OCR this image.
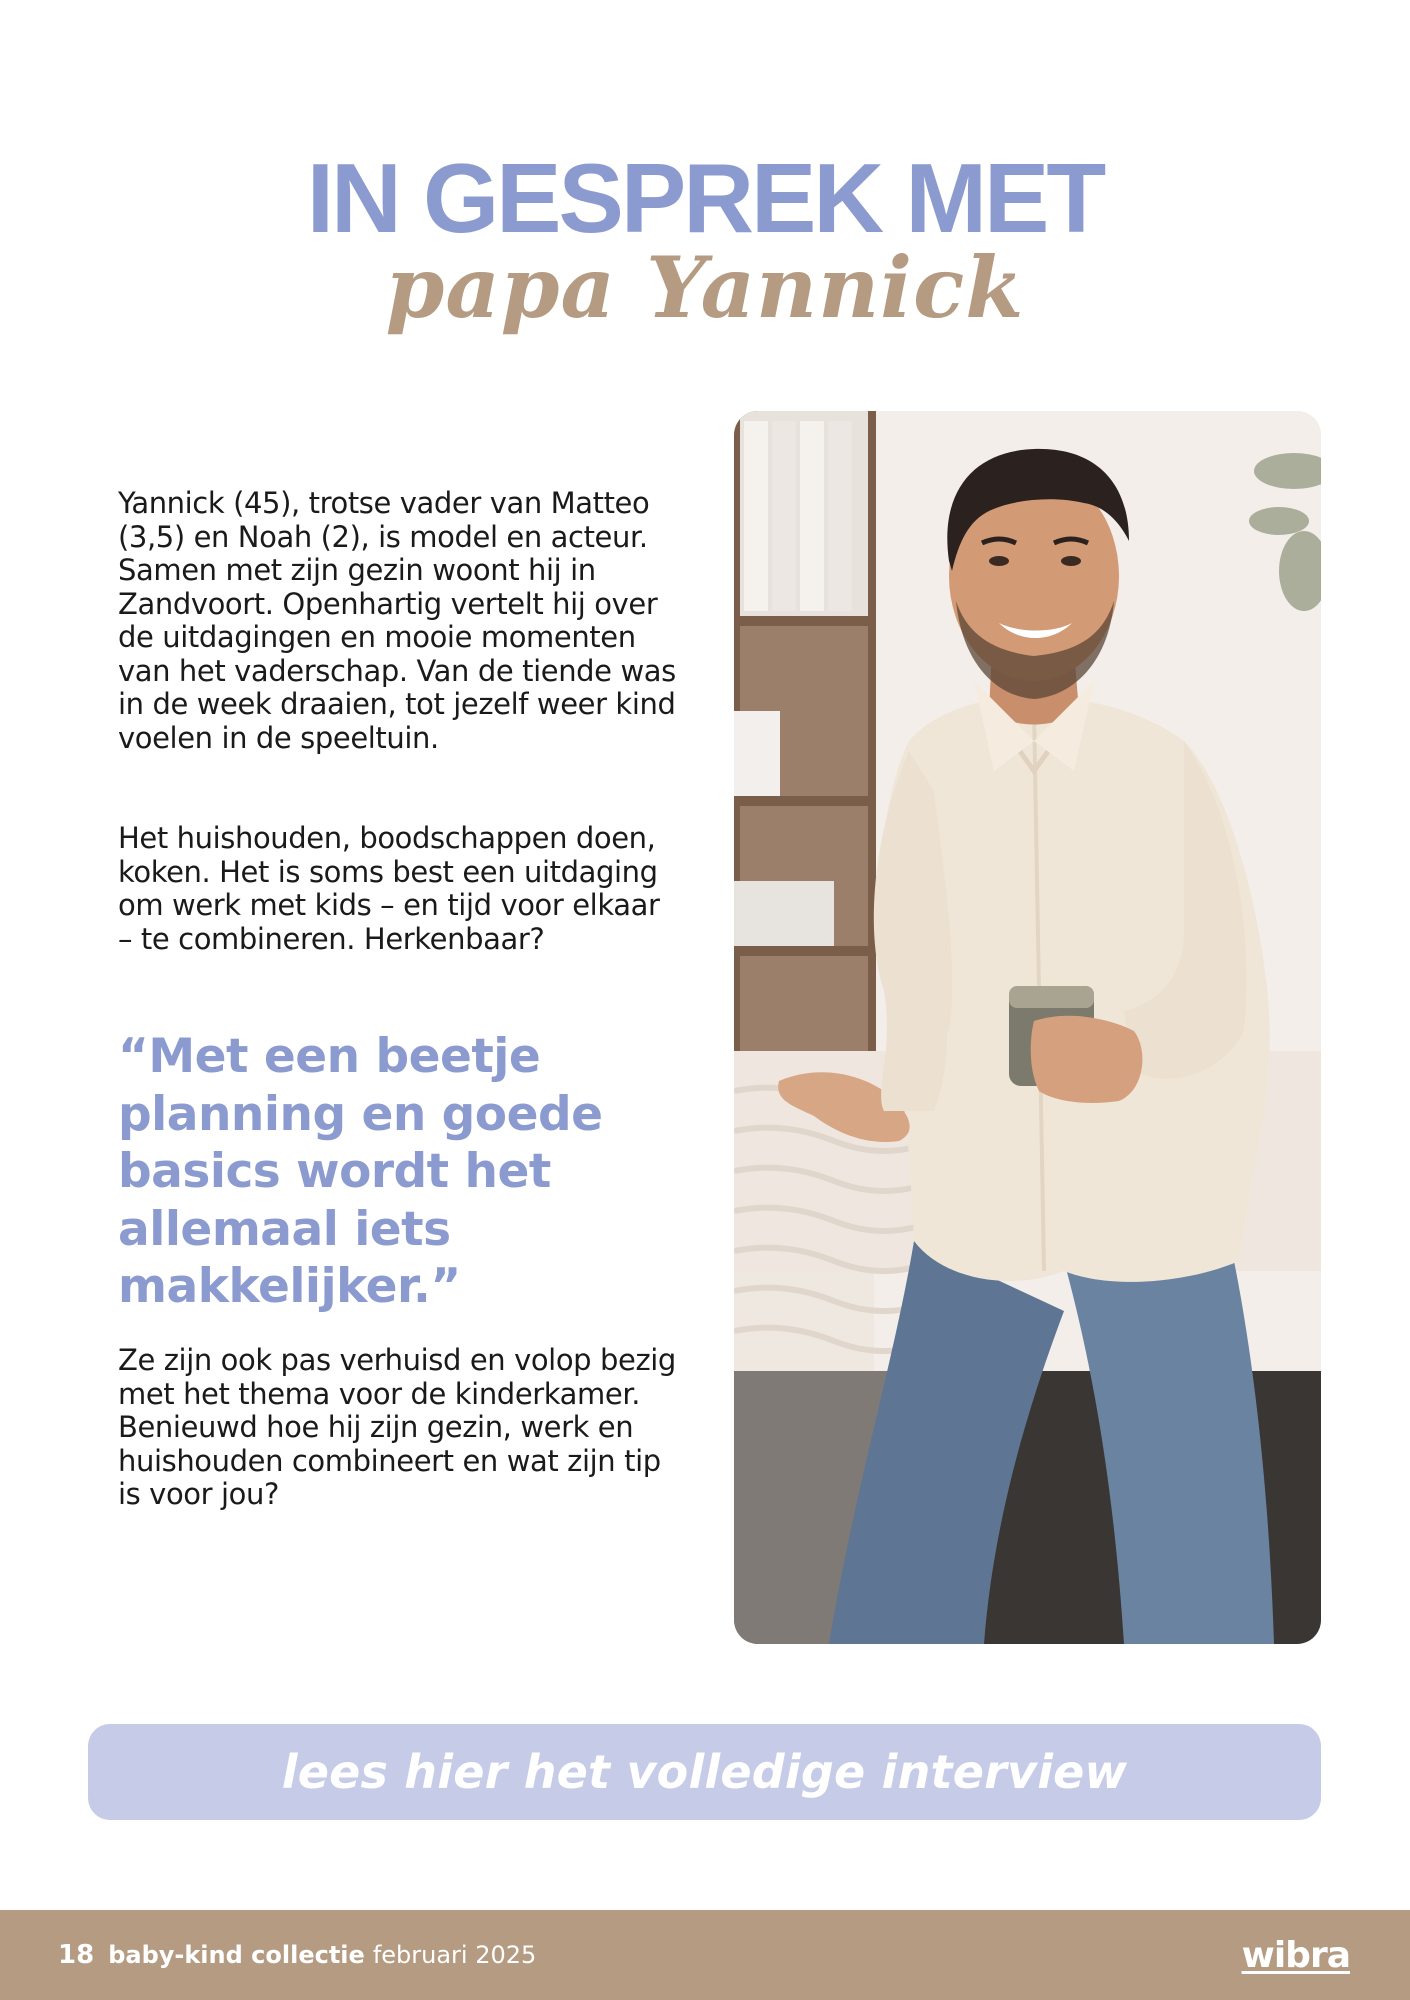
IN GESPREK MET
papa Yannick

Yannick (45), trotse vader van Matteo (3,5) en Noah (2), is model en acteur. Samen met zijn gezin woont hij in Zandvoort. Openhartig vertelt hij over de uitdagingen en mooie momenten van het vaderschap. Van de tiende was in de week draaien, tot jezelf weer kind voelen in de speeltuin.

Het huishouden, boodschappen doen, koken. Het is soms best een uitdaging om werk met kids – en tijd voor elkaar – te combineren. Herkenbaar?

“Met een beetje planning en goede basics wordt het allemaal iets makkelijker.”

Ze zijn ook pas verhuisd en volop bezig met het thema voor de kinderkamer. Benieuwd hoe hij zijn gezin, werk en huishouden combineert en wat zijn tip is voor jou?

lees hier het volledige interview
18 baby-kind collectie februari 2025	wibra
